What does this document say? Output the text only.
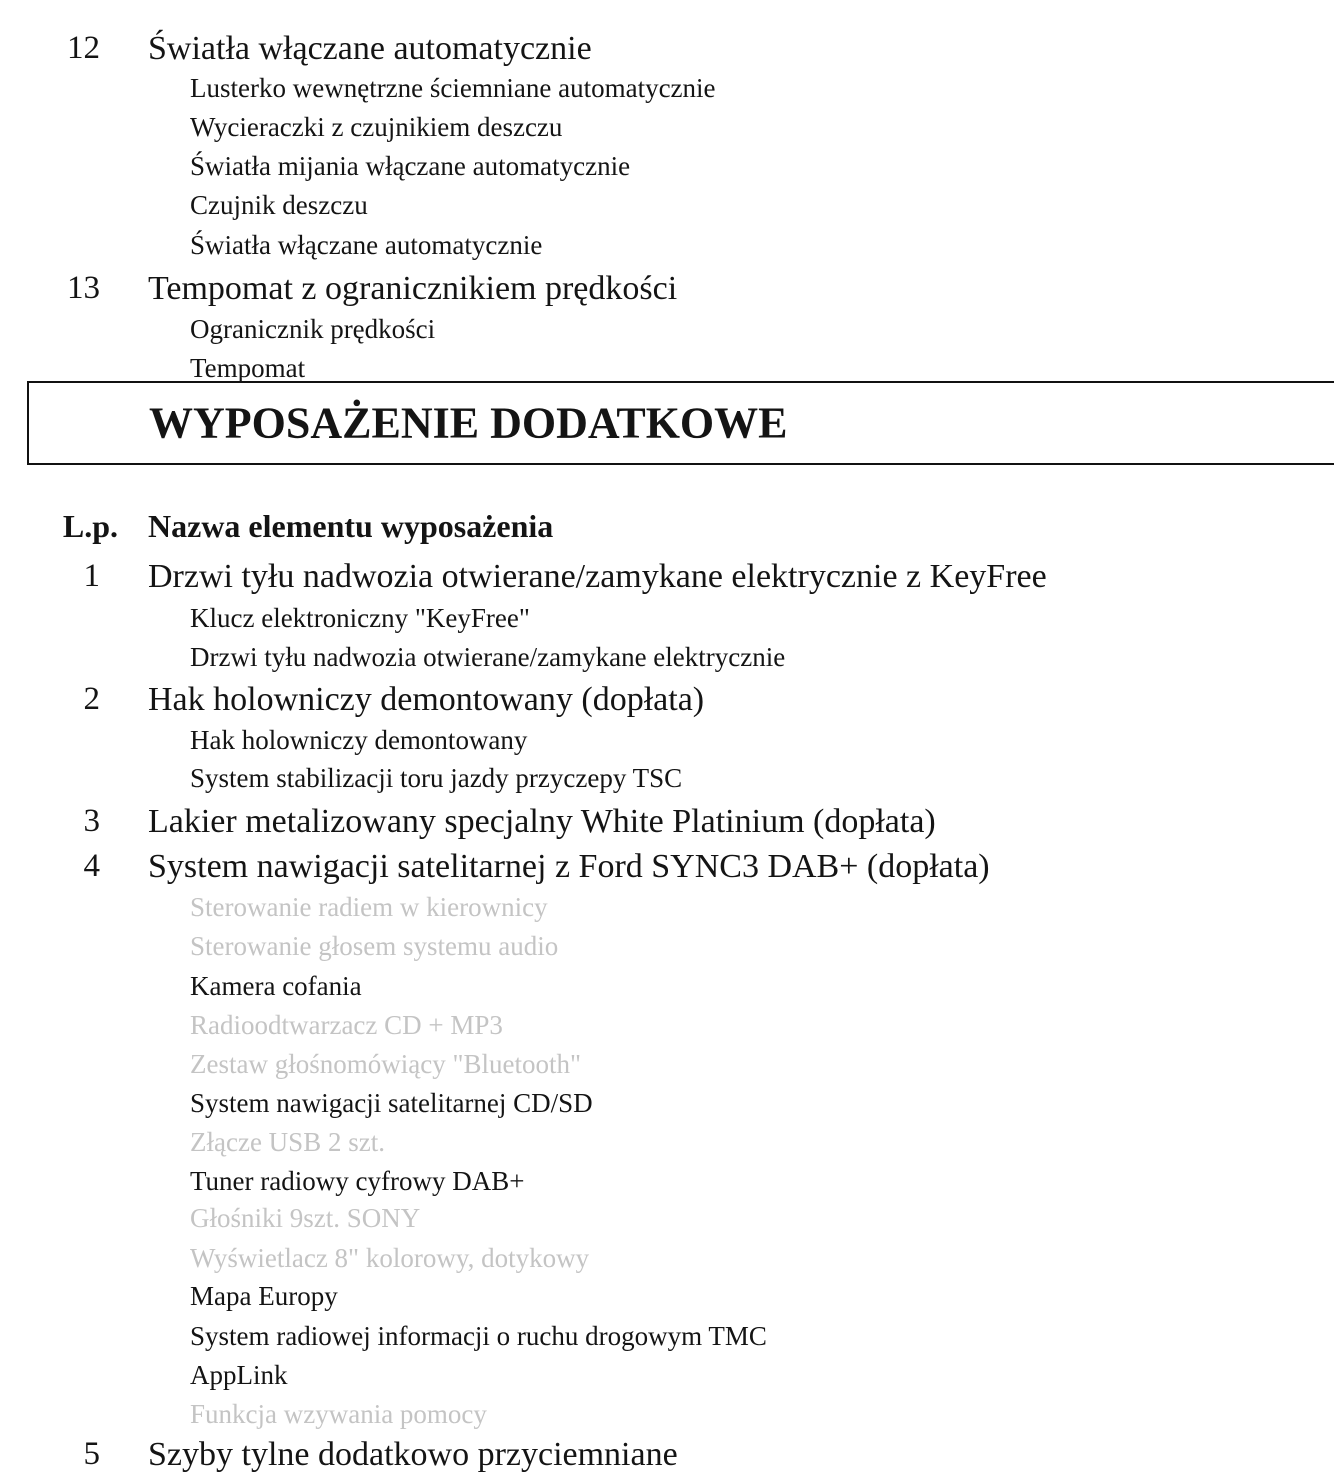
WYPOSAŻENIE DODATKOWE
L.p. Nazwa elementu wyposażenia
12 Światła włączane automatycznie
Lusterko wewnętrzne ściemniane automatycznie
Wycieraczki z czujnikiem deszczu
Światła mijania włączane automatycznie
Czujnik deszczu
Światła włączane automatycznie
13 Tempomat z ogranicznikiem prędkości
Ogranicznik prędkości
Tempomat
1 Drzwi tyłu nadwozia otwierane/zamykane elektrycznie z KeyFree
Klucz elektroniczny "KeyFree"
Drzwi tyłu nadwozia otwierane/zamykane elektrycznie
2 Hak holowniczy demontowany (dopłata)
Hak holowniczy demontowany
System stabilizacji toru jazdy przyczepy TSC
3 Lakier metalizowany specjalny White Platinium (dopłata)
4 System nawigacji satelitarnej z Ford SYNC3 DAB+ (dopłata)
Sterowanie radiem w kierownicy
Sterowanie głosem systemu audio
Kamera cofania
Radioodtwarzacz CD + MP3
Zestaw głośnomówiący "Bluetooth"
System nawigacji satelitarnej CD/SD
Złącze USB 2 szt.
Tuner radiowy cyfrowy DAB+
Głośniki 9szt. SONY
Wyświetlacz 8" kolorowy, dotykowy
Mapa Europy
System radiowej informacji o ruchu drogowym TMC
AppLink
Funkcja wzywania pomocy
5 Szyby tylne dodatkowo przyciemniane
